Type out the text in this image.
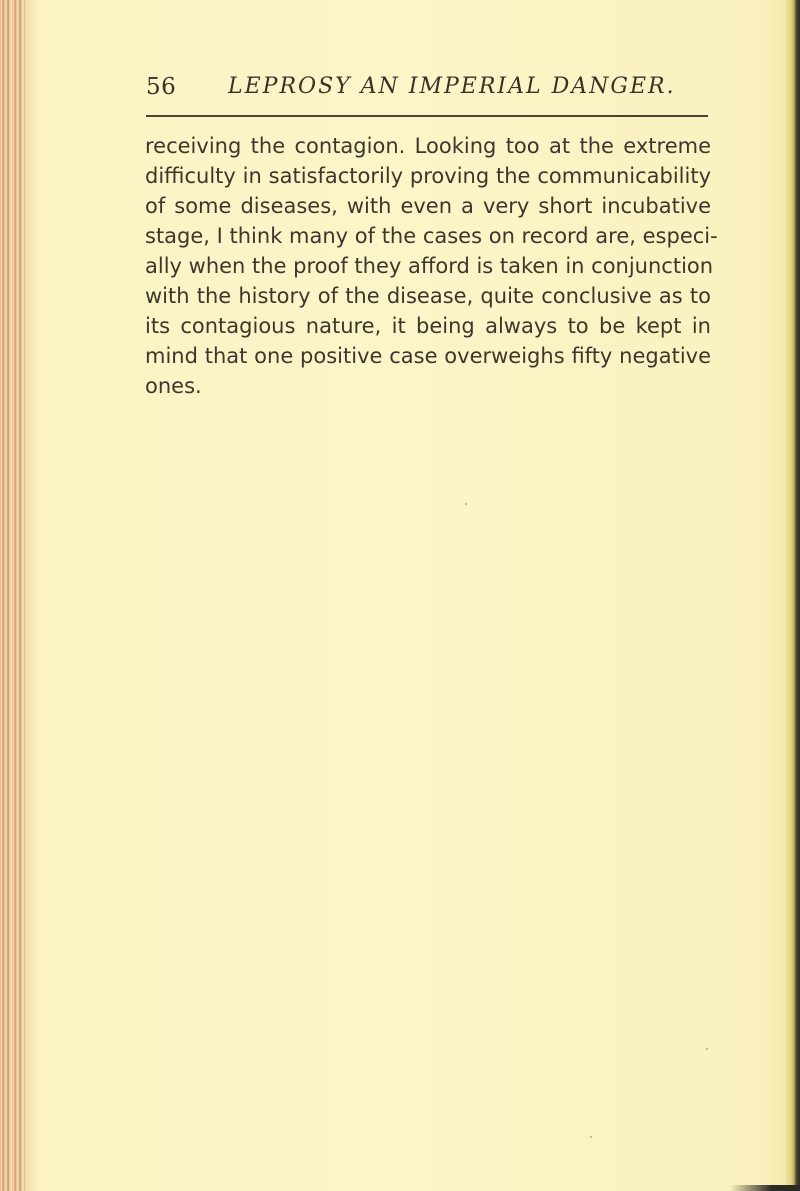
56 LEPROSY AN IMPERIAL DANGER.

receiving the contagion. Looking too at the extreme
difficulty in satisfactorily proving the communicability
of some diseases, with even a very short incubative
stage, I think many of the cases on record are, especi-
ally when the proof they afford is taken in conjunction
with the history of the disease, quite conclusive as to
its contagious nature, it being always to be kept in
mind that one positive case overweighs fifty negative
ones.
